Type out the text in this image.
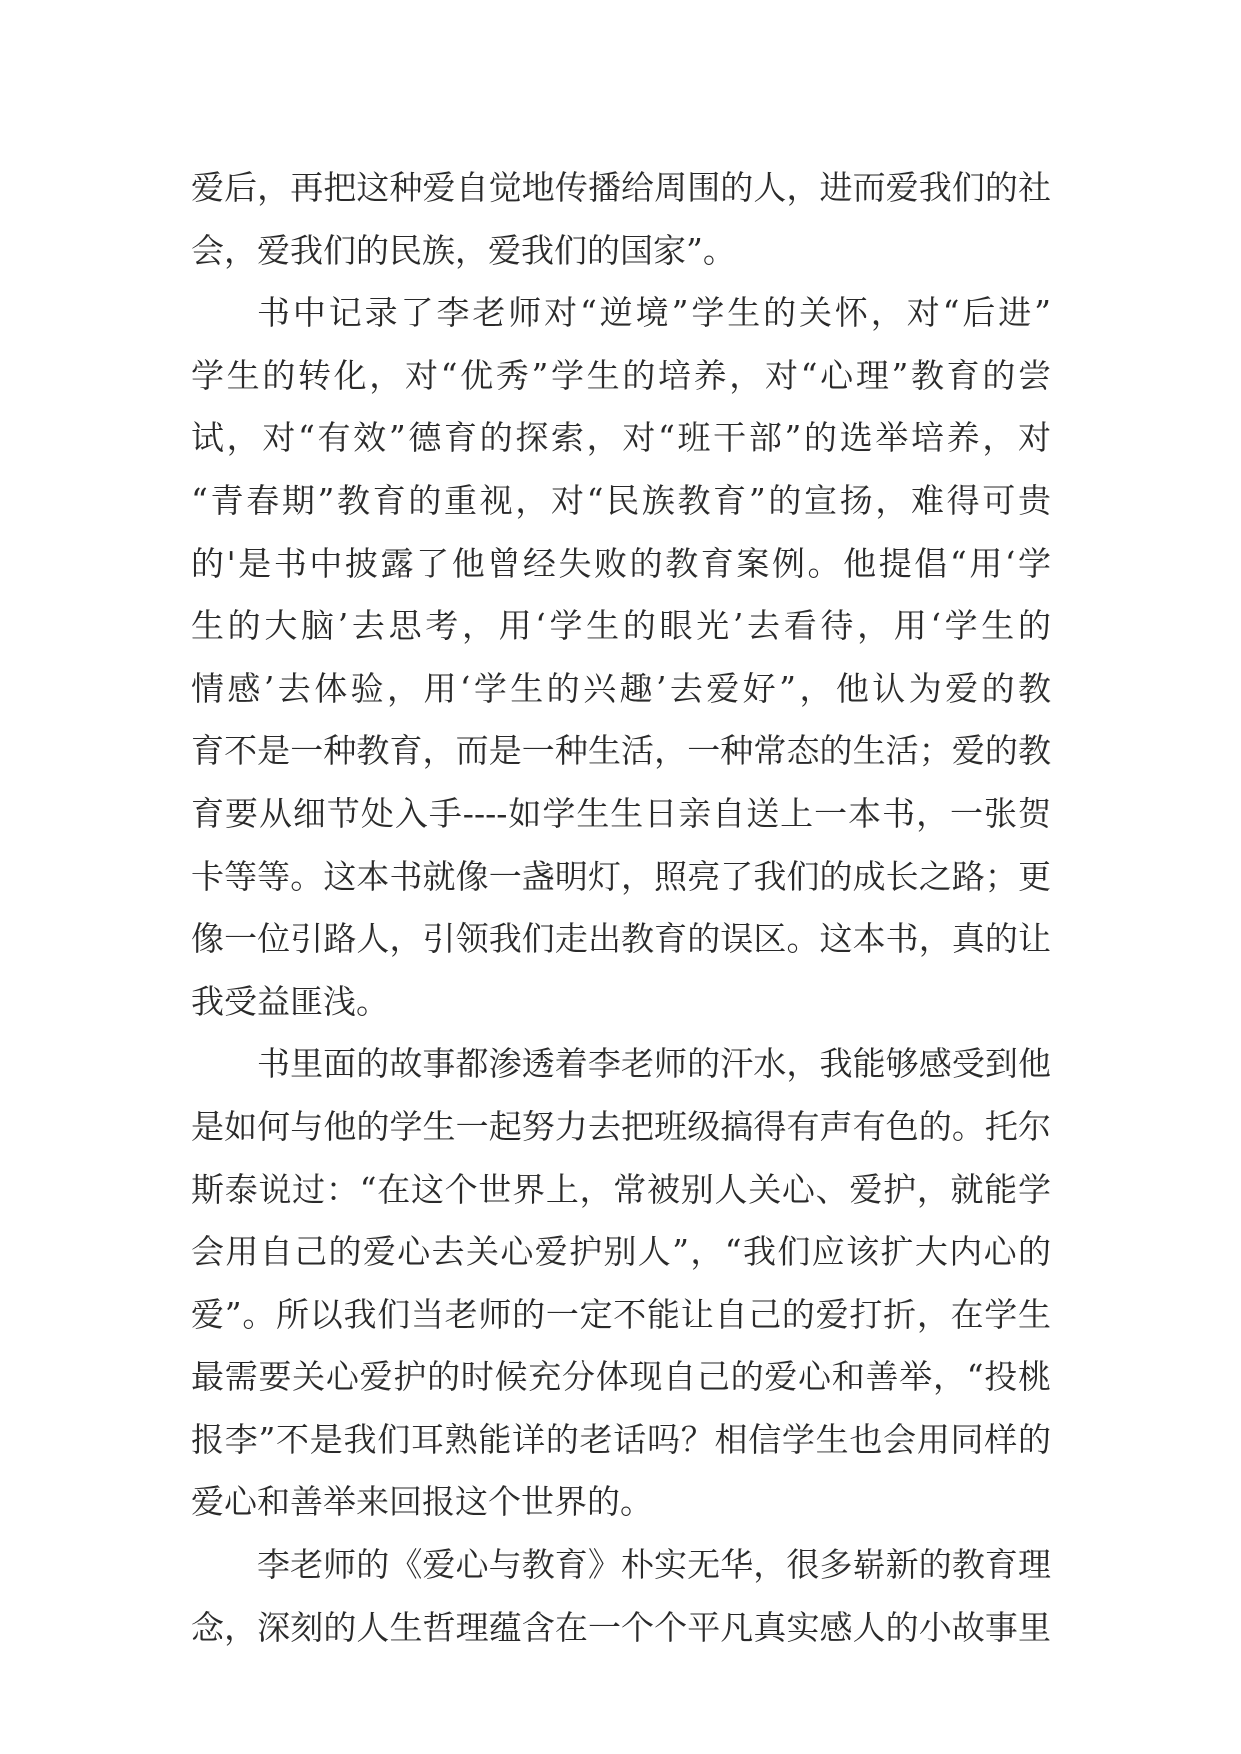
爱后，再把这种爱自觉地传播给周围的人，进而爱我们的社
会，爱我们的民族，爱我们的国家”。
书中记录了李老师对“逆境”学生的关怀，对“后进”
学生的转化，对“优秀”学生的培养，对“心理”教育的尝
试，对“有效”德育的探索，对“班干部”的选举培养，对
“青春期”教育的重视，对“民族教育”的宣扬，难得可贵
的'是书中披露了他曾经失败的教育案例。他提倡“用‘学
生的大脑’去思考，用‘学生的眼光’去看待，用‘学生的
情感’去体验，用‘学生的兴趣’去爱好”，他认为爱的教
育不是一种教育，而是一种生活，一种常态的生活；爱的教
育要从细节处入手----如学生生日亲自送上一本书，一张贺
卡等等。这本书就像一盏明灯，照亮了我们的成长之路；更
像一位引路人，引领我们走出教育的误区。这本书，真的让
我受益匪浅。
书里面的故事都渗透着李老师的汗水，我能够感受到他
是如何与他的学生一起努力去把班级搞得有声有色的。托尔
斯泰说过：“在这个世界上，常被别人关心、爱护，就能学
会用自己的爱心去关心爱护别人”，“我们应该扩大内心的
爱”。所以我们当老师的一定不能让自己的爱打折，在学生
最需要关心爱护的时候充分体现自己的爱心和善举，“投桃
报李”不是我们耳熟能详的老话吗？相信学生也会用同样的
爱心和善举来回报这个世界的。
李老师的《爱心与教育》朴实无华，很多崭新的教育理
念，深刻的人生哲理蕴含在一个个平凡真实感人的小故事里
